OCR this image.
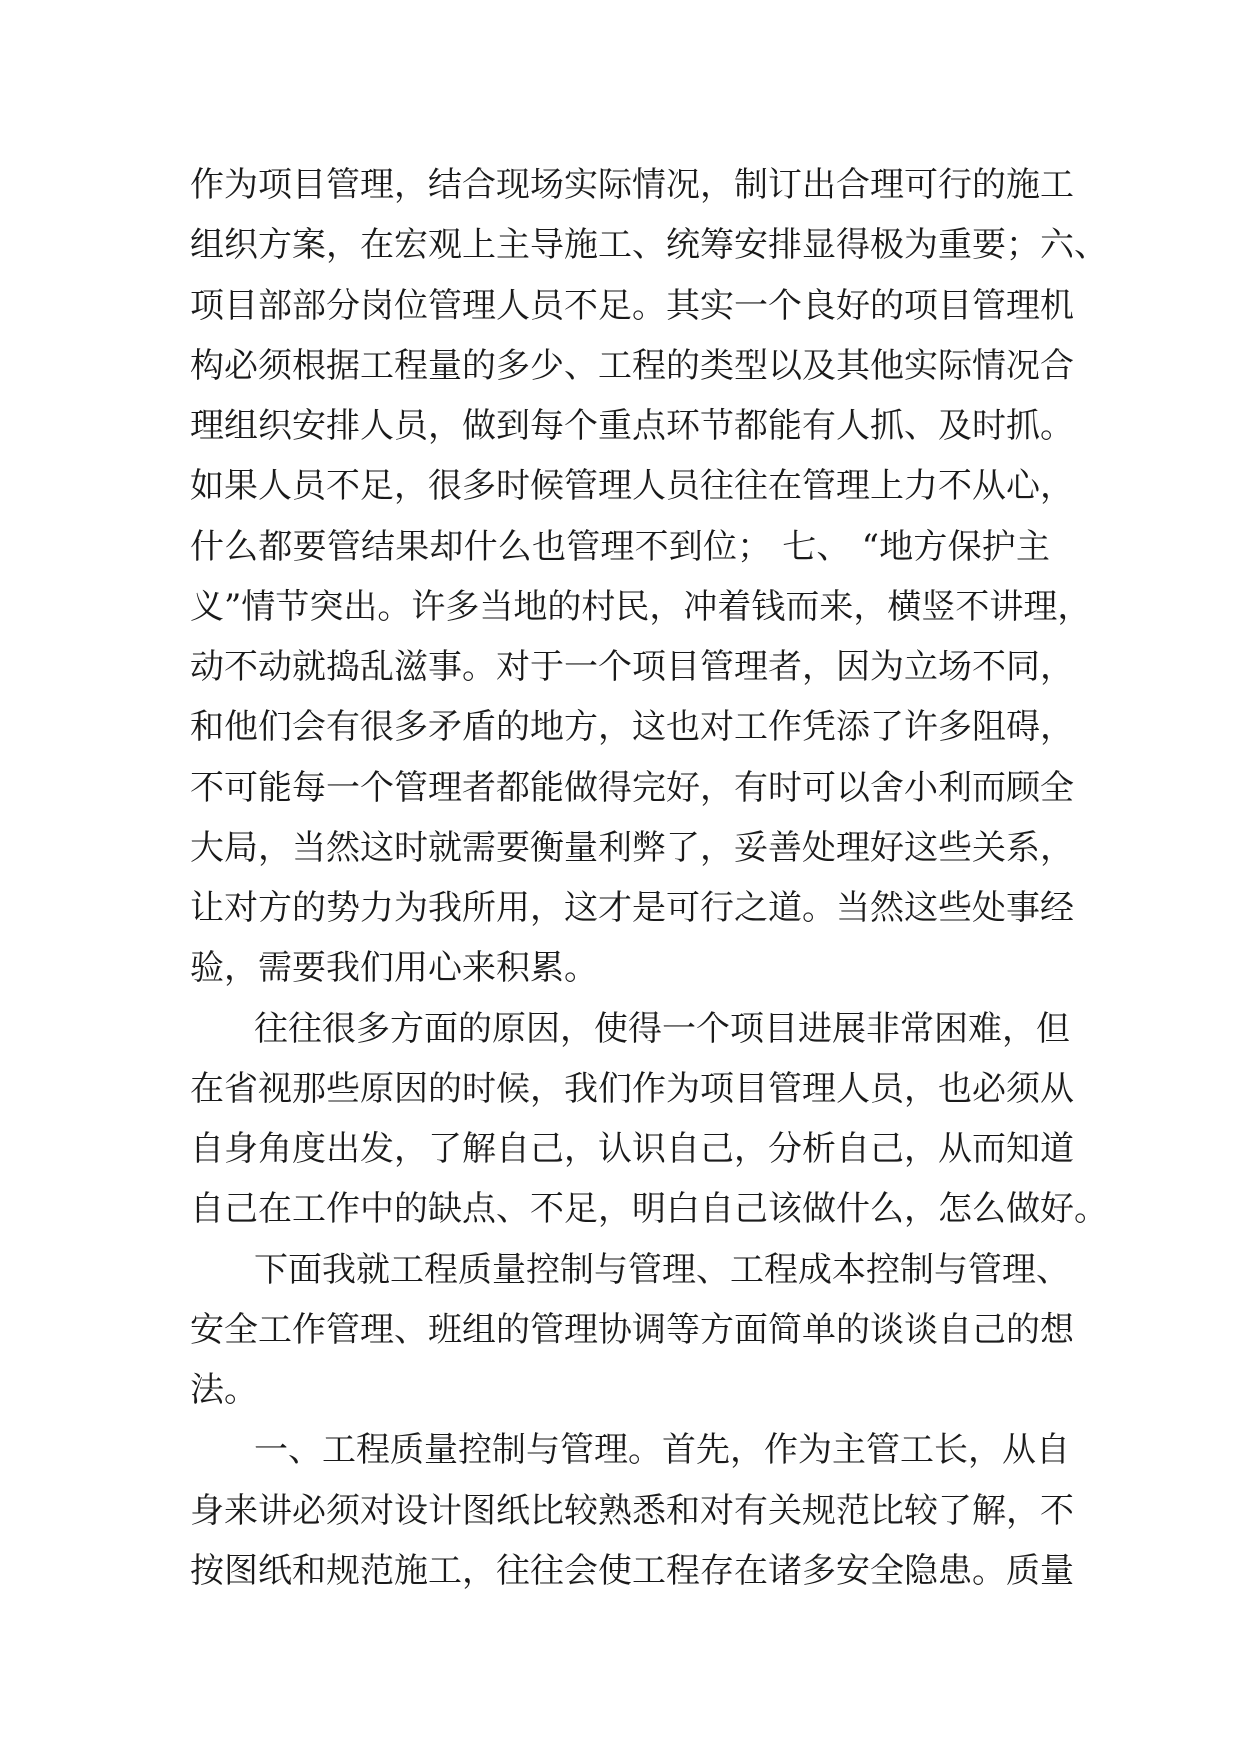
作为项目管理，结合现场实际情况，制订出合理可行的施工
组织方案，在宏观上主导施工、统筹安排显得极为重要；六、
项目部部分岗位管理人员不足。其实一个良好的项目管理机
构必须根据工程量的多少、工程的类型以及其他实际情况合
理组织安排人员，做到每个重点环节都能有人抓、及时抓。
如果人员不足，很多时候管理人员往往在管理上力不从心，
什么都要管结果却什么也管理不到位； 七、 “地方保护主
义”情节突出。许多当地的村民，冲着钱而来，横竖不讲理，
动不动就捣乱滋事。对于一个项目管理者，因为立场不同，
和他们会有很多矛盾的地方，这也对工作凭添了许多阻碍，
不可能每一个管理者都能做得完好，有时可以舍小利而顾全
大局，当然这时就需要衡量利弊了，妥善处理好这些关系，
让对方的势力为我所用，这才是可行之道。当然这些处事经
验，需要我们用心来积累。
往往很多方面的原因，使得一个项目进展非常困难，但
在省视那些原因的时候，我们作为项目管理人员，也必须从
自身角度出发，了解自己，认识自己，分析自己，从而知道
自己在工作中的缺点、不足，明白自己该做什么，怎么做好。
下面我就工程质量控制与管理、工程成本控制与管理、
安全工作管理、班组的管理协调等方面简单的谈谈自己的想
法。
一、工程质量控制与管理。首先，作为主管工长，从自
身来讲必须对设计图纸比较熟悉和对有关规范比较了解，不
按图纸和规范施工，往往会使工程存在诸多安全隐患。质量
